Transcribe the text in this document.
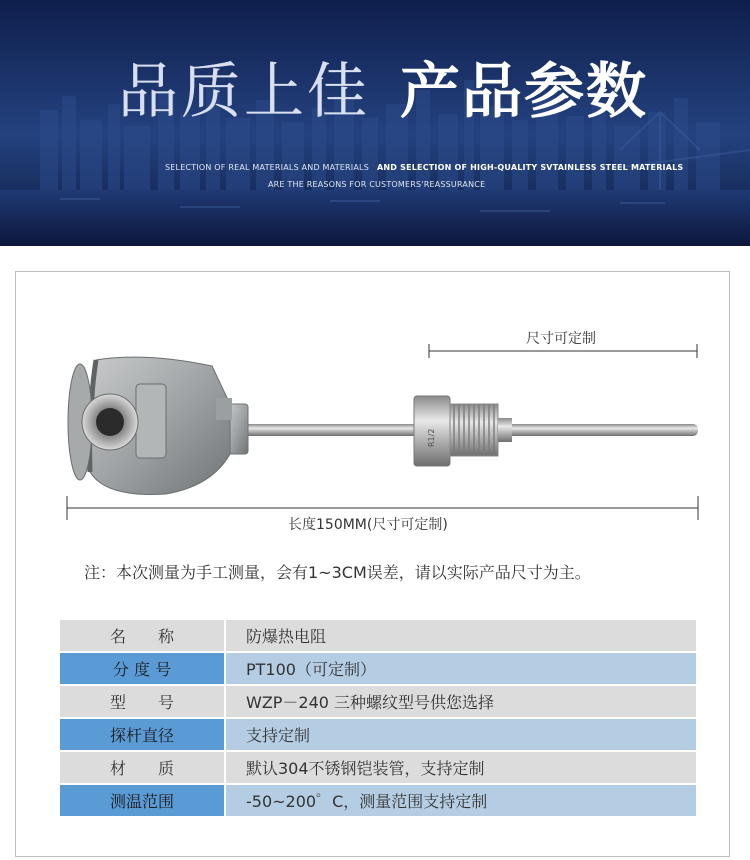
品质上佳 产品参数
SELECTION OF REAL MATERIALS AND MATERIALS AND SELECTION OF HIGH-QUALITY SVTAINLESS STEEL MATERIALS
ARE THE REASONS FOR CUSTOMERS'REASSURANCE
R1/2
尺寸可定制
长度150MM(尺寸可定制)
注：本次测量为手工测量，会有1~3CM误差，请以实际产品尺寸为主。
名　　称	防爆热电阻
分 度 号	PT100（可定制）
型　　号	WZP－240 三种螺纹型号供您选择
探杆直径	支持定制
材　　质	默认304不锈钢铠装管，支持定制
测温范围	-50~200゜C，测量范围支持定制
